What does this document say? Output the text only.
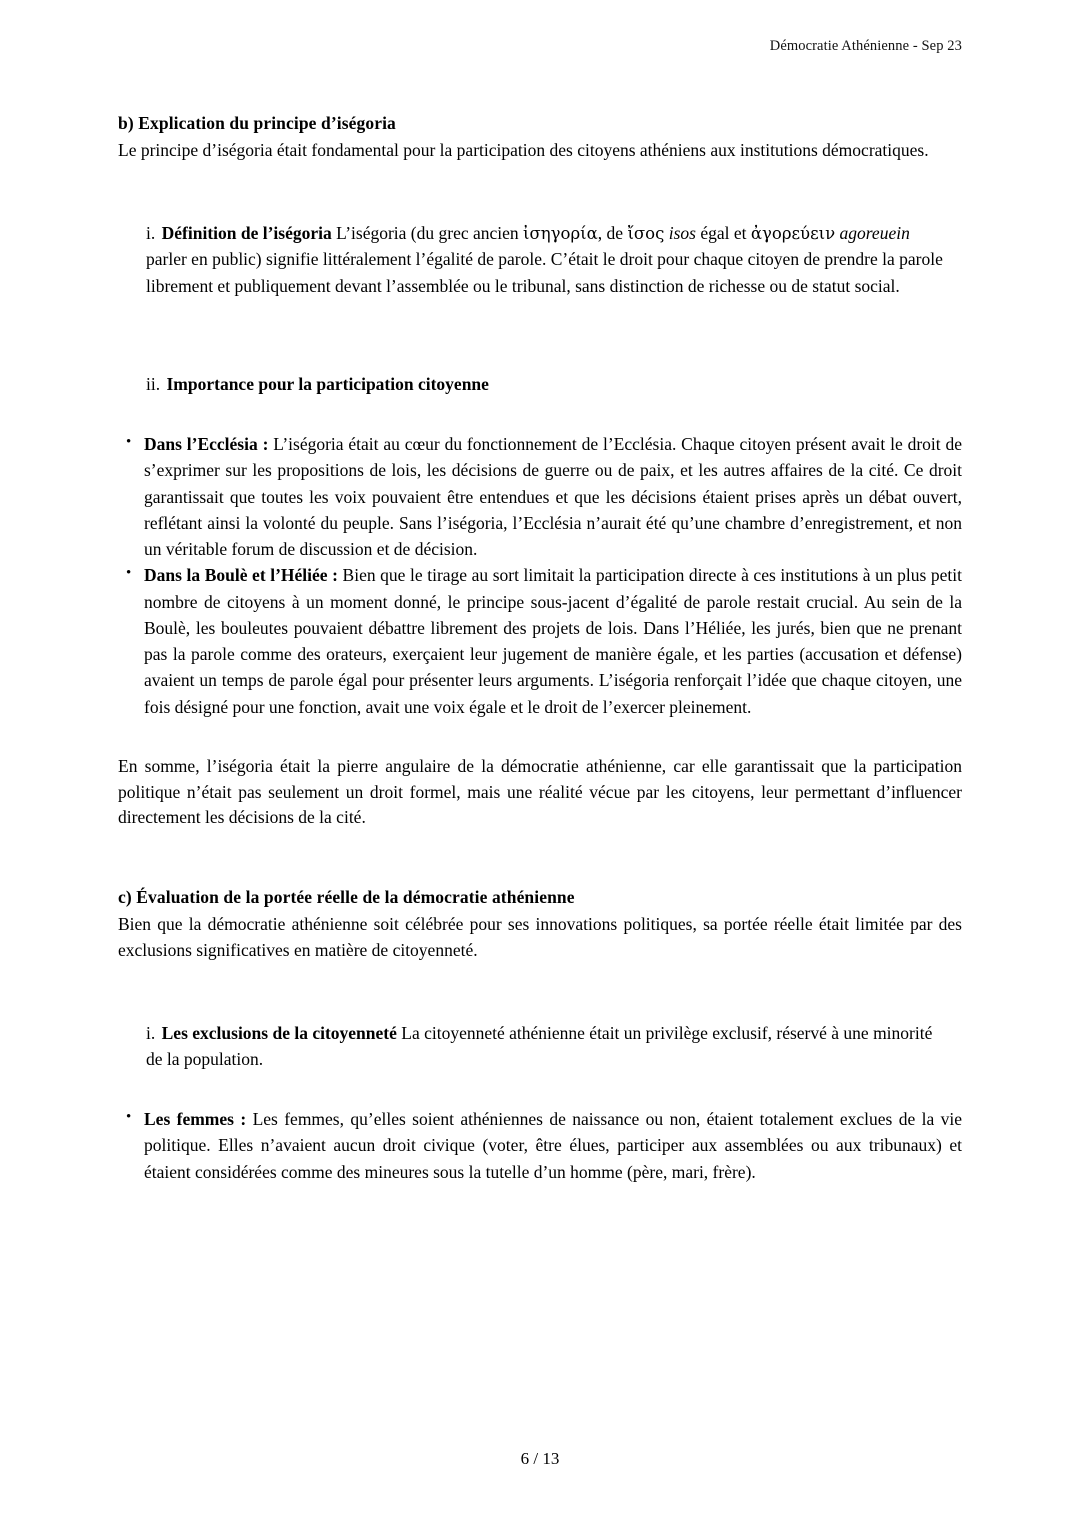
Démocratie Athénienne - Sep 23
b) Explication du principe d’iségoria

Le principe d’iségoria était fondamental pour la participation des citoyens athéniens aux institutions démocratiques.

i. Définition de l’iségoria L’iségoria (du grec ancien ἰσηγορία, de ἴσος isos égal et ἀγορεύειν agoreuein parler en public) signifie littéralement l’égalité de parole. C’était le droit pour chaque citoyen de prendre la parole librement et publiquement devant l’assemblée ou le tribunal, sans distinction de richesse ou de statut social.
ii. Importance pour la participation citoyenne
• Dans l’Ecclésia : L’iségoria était au cœur du fonctionnement de l’Ecclésia. Chaque citoyen présent avait le droit de s’exprimer sur les propositions de lois, les décisions de guerre ou de paix, et les autres affaires de la cité. Ce droit garantissait que toutes les voix pouvaient être entendues et que les décisions étaient prises après un débat ouvert, reflétant ainsi la volonté du peuple. Sans l’iségoria, l’Ecclésia n’aurait été qu’une chambre d’enregistrement, et non un véritable forum de discussion et de décision.
• Dans la Boulè et l’Héliée : Bien que le tirage au sort limitait la participation directe à ces institutions à un plus petit nombre de citoyens à un moment donné, le principe sous-jacent d’égalité de parole restait crucial. Au sein de la Boulè, les bouleutes pouvaient débattre librement des projets de lois. Dans l’Héliée, les jurés, bien que ne prenant pas la parole comme des orateurs, exerçaient leur jugement de manière égale, et les parties (accusation et défense) avaient un temps de parole égal pour présenter leurs arguments. L’iségoria renforçait l’idée que chaque citoyen, une fois désigné pour une fonction, avait une voix égale et le droit de l’exercer pleinement.

En somme, l’iségoria était la pierre angulaire de la démocratie athénienne, car elle garantissait que la participation politique n’était pas seulement un droit formel, mais une réalité vécue par les citoyens, leur permettant d’influencer directement les décisions de la cité.

c) Évaluation de la portée réelle de la démocratie athénienne

Bien que la démocratie athénienne soit célébrée pour ses innovations politiques, sa portée réelle était limitée par des exclusions significatives en matière de citoyenneté.

i. Les exclusions de la citoyenneté La citoyenneté athénienne était un privilège exclusif, réservé à une minorité de la population.
• Les femmes : Les femmes, qu’elles soient athéniennes de naissance ou non, étaient totalement exclues de la vie politique. Elles n’avaient aucun droit civique (voter, être élues, participer aux assemblées ou aux tribunaux) et étaient considérées comme des mineures sous la tutelle d’un homme (père, mari, frère).
6 / 13
